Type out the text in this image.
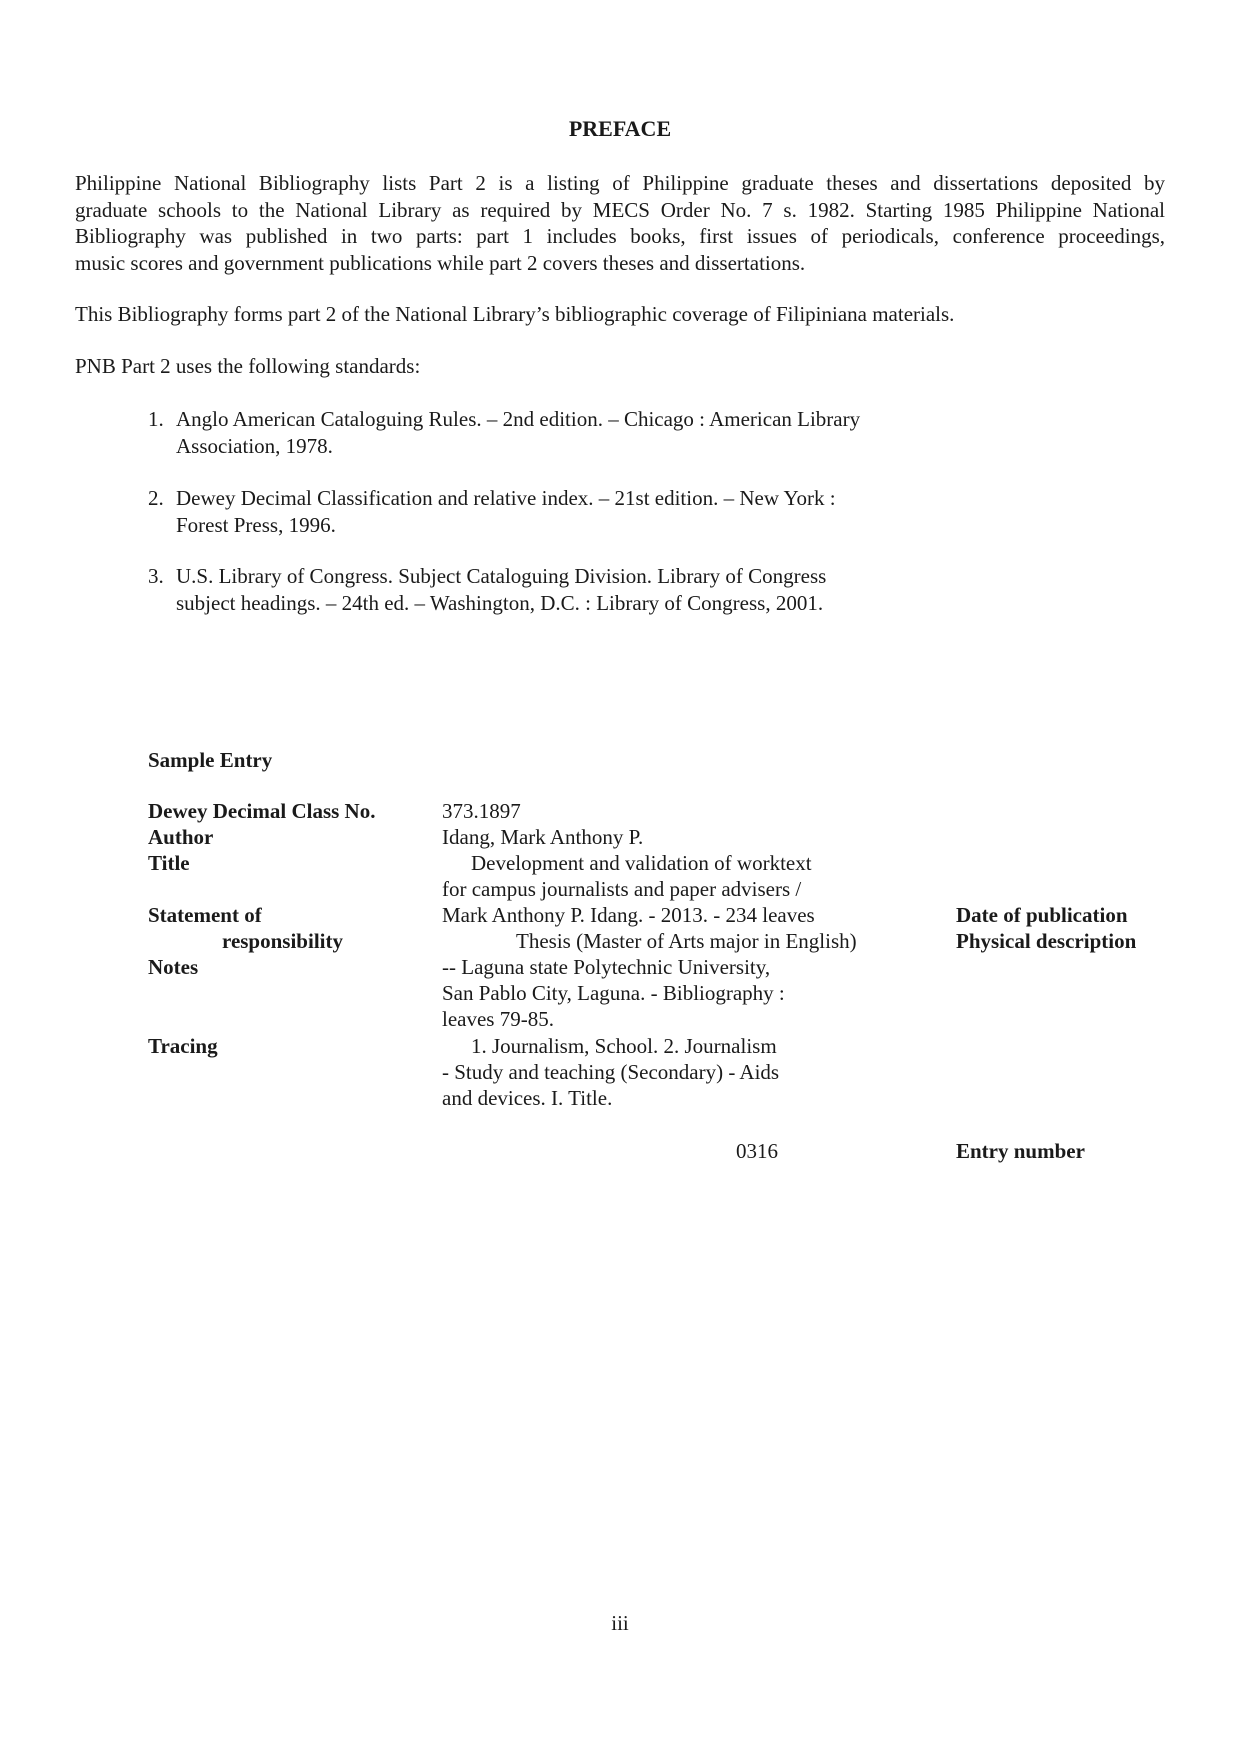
PREFACE
Philippine National Bibliography lists Part 2 is a listing of Philippine graduate theses and dissertations deposited by
graduate schools to the National Library as required by MECS Order No. 7 s. 1982. Starting 1985 Philippine National
Bibliography was published in two parts: part 1 includes books, first issues of periodicals, conference proceedings,
music scores and government publications while part 2 covers theses and dissertations.
This Bibliography forms part 2 of the National Library’s bibliographic coverage of Filipiniana materials.
PNB Part 2 uses the following standards:
1. Anglo American Cataloguing Rules. – 2nd edition. – Chicago : American Library
Association, 1978.
2. Dewey Decimal Classification and relative index. – 21st edition. – New York :
Forest Press, 1996.
3. U.S. Library of Congress. Subject Cataloguing Division. Library of Congress
subject headings. – 24th ed. – Washington, D.C. : Library of Congress, 2001.
Sample Entry
Dewey Decimal Class No.
Author
Title
Statement of
responsibility
Notes
Tracing
373.1897
Idang, Mark Anthony P.
Development and validation of worktext
for campus journalists and paper advisers /
Mark Anthony P. Idang. - 2013. - 234 leaves
Thesis (Master of Arts major in English)
-- Laguna state Polytechnic University,
San Pablo City, Laguna. - Bibliography :
leaves 79-85.
1. Journalism, School. 2. Journalism
- Study and teaching (Secondary) - Aids
and devices. I. Title.
0316
Date of publication
Physical description
Entry number
iii
